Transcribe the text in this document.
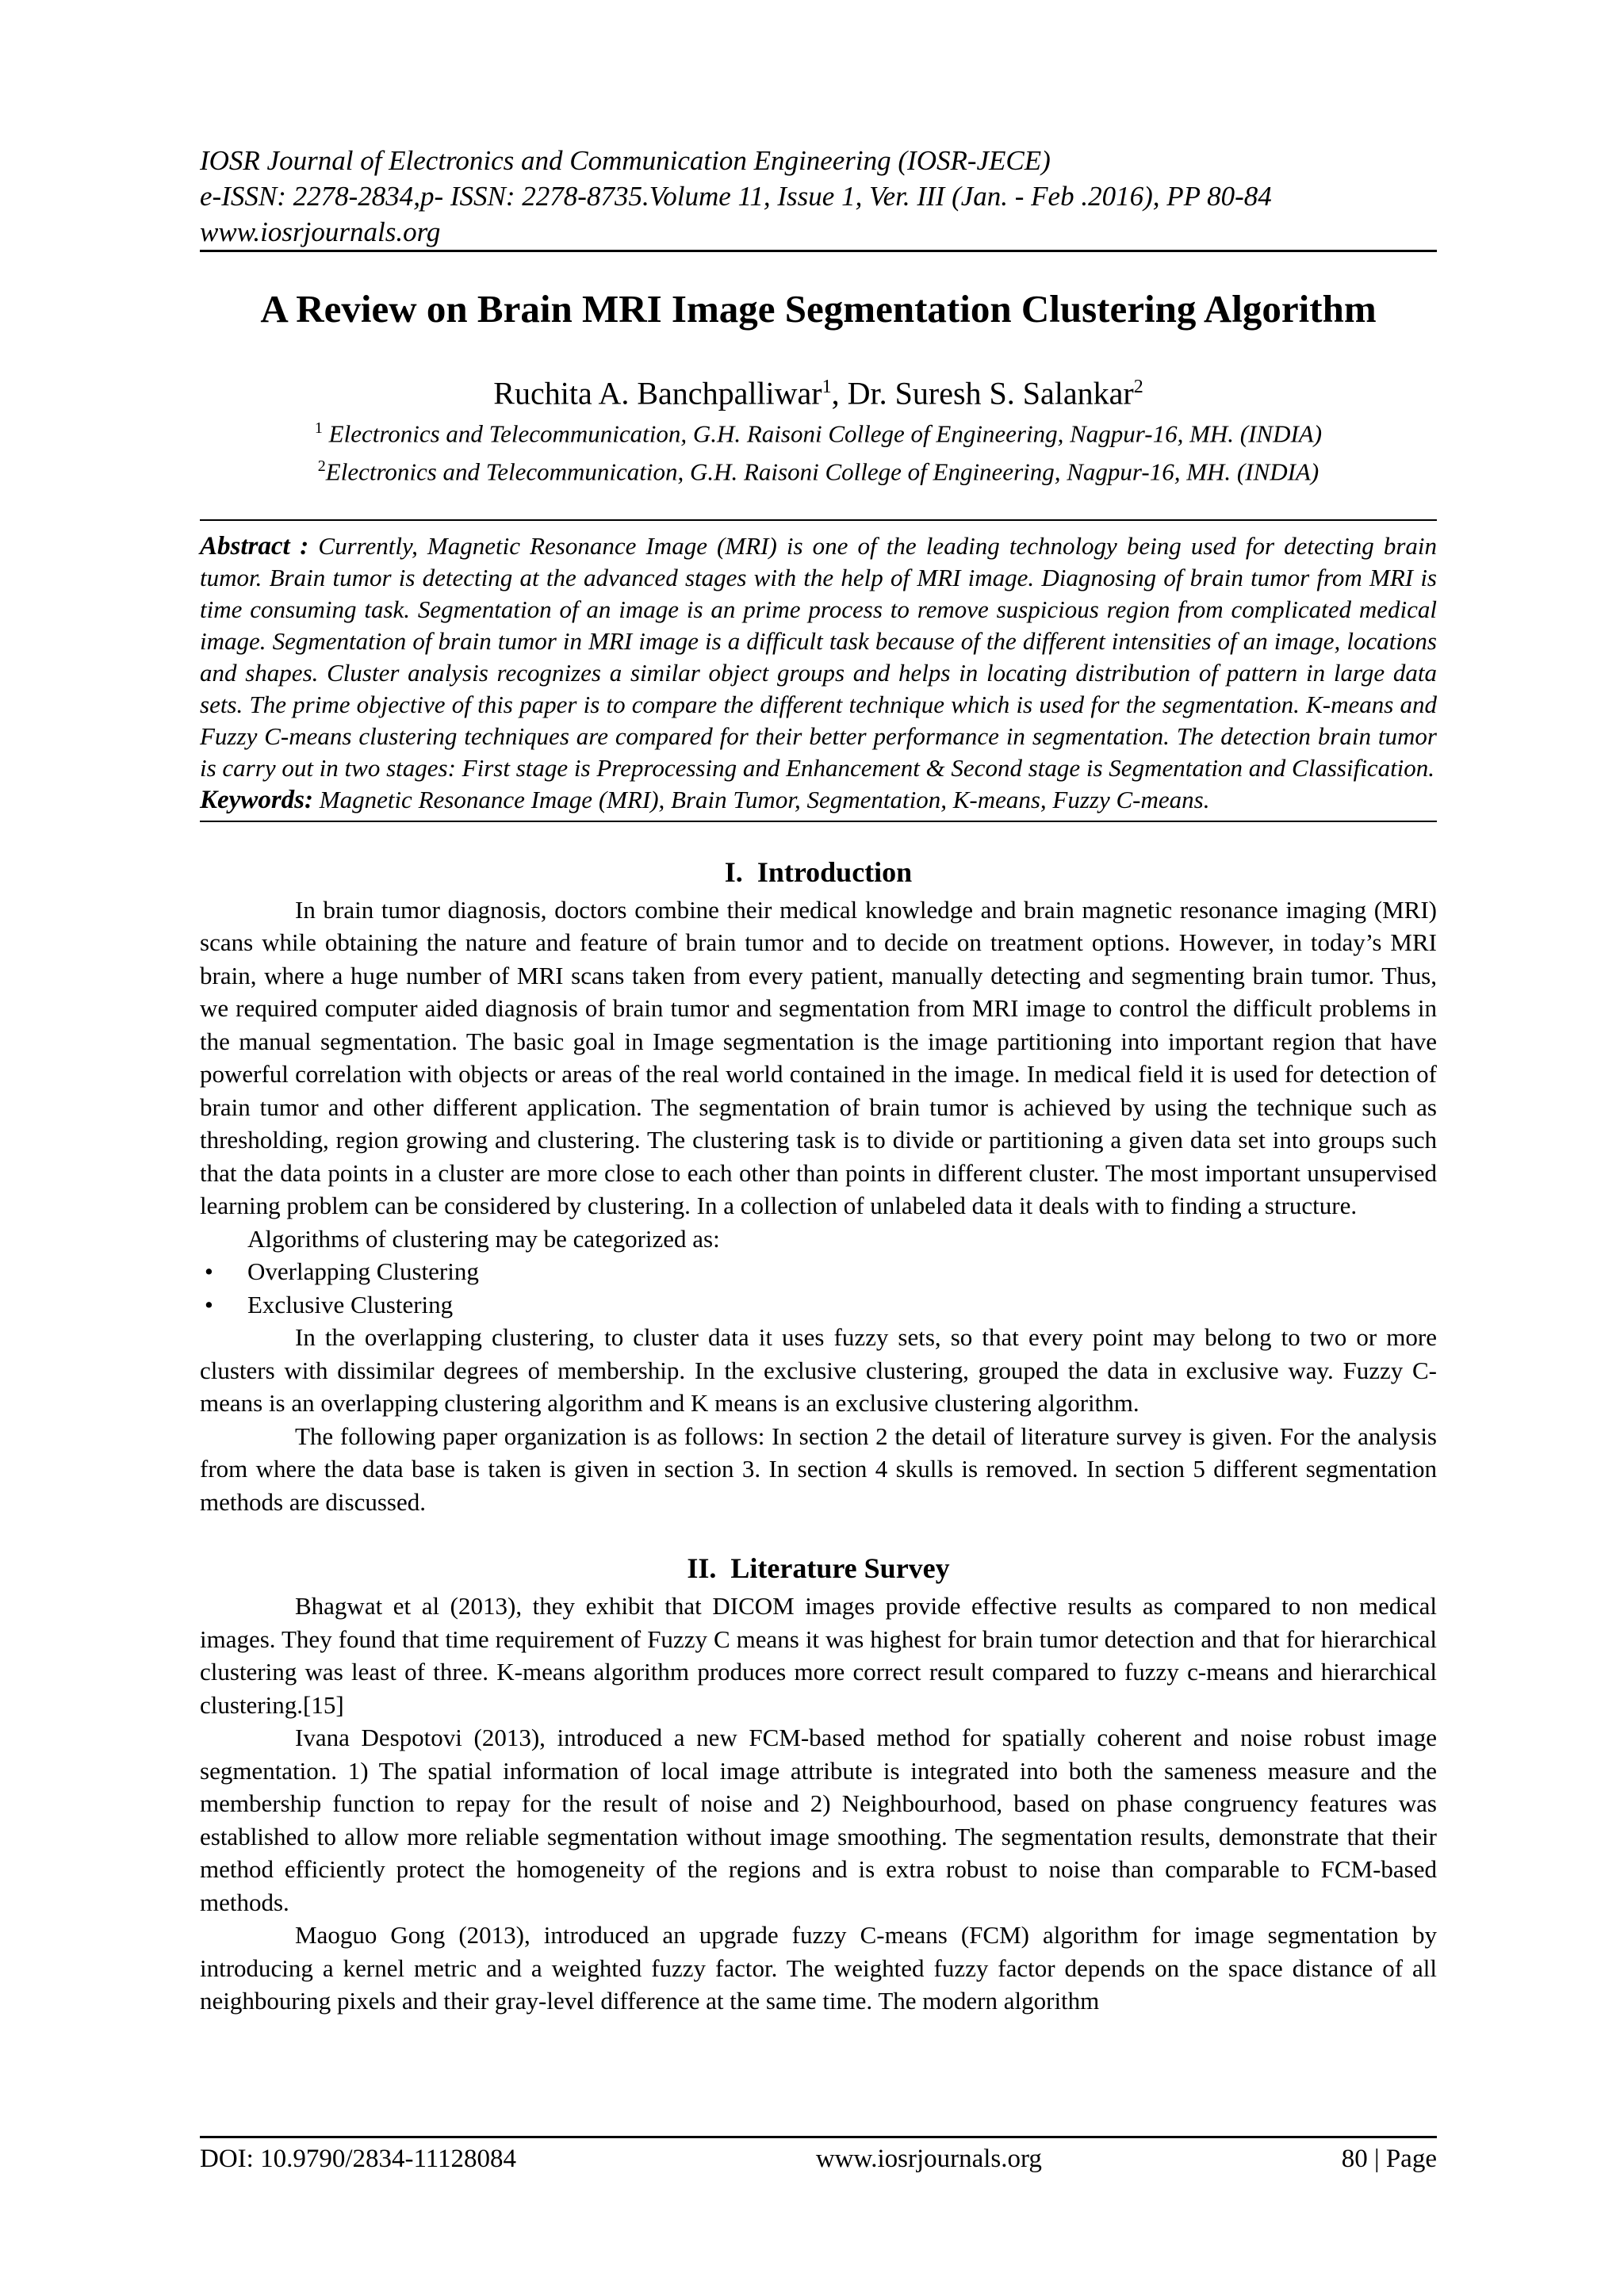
IOSR Journal of Electronics and Communication Engineering (IOSR-JECE)
e-ISSN: 2278-2834,p- ISSN: 2278-8735.Volume 11, Issue 1, Ver. III (Jan. - Feb .2016), PP 80-84
www.iosrjournals.org
A Review on Brain MRI Image Segmentation Clustering Algorithm
Ruchita A. Banchpalliwar$^1$, Dr. Suresh S. Salankar$^2$
$^1$ Electronics and Telecommunication, G.H. Raisoni College of Engineering, Nagpur-16, MH. (INDIA)
$^2$Electronics and Telecommunication, G.H. Raisoni College of Engineering, Nagpur-16, MH. (INDIA)
Abstract : Currently, Magnetic Resonance Image (MRI) is one of the leading technology being used for detecting brain tumor. Brain tumor is detecting at the advanced stages with the help of MRI image. Diagnosing of brain tumor from MRI is time consuming task. Segmentation of an image is an prime process to remove suspicious region from complicated medical image. Segmentation of brain tumor in MRI image is a difficult task because of the different intensities of an image, locations and shapes. Cluster analysis recognizes a similar object groups and helps in locating distribution of pattern in large data sets. The prime objective of this paper is to compare the different technique which is used for the segmentation. K-means and Fuzzy C-means clustering techniques are compared for their better performance in segmentation. The detection brain tumor is carry out in two stages: First stage is Preprocessing and Enhancement & Second stage is Segmentation and Classification.
Keywords: Magnetic Resonance Image (MRI), Brain Tumor, Segmentation, K-means, Fuzzy C-means.
I. Introduction

In brain tumor diagnosis, doctors combine their medical knowledge and brain magnetic resonance imaging (MRI) scans while obtaining the nature and feature of brain tumor and to decide on treatment options. However, in today’s MRI brain, where a huge number of MRI scans taken from every patient, manually detecting and segmenting brain tumor. Thus, we required computer aided diagnosis of brain tumor and segmentation from MRI image to control the difficult problems in the manual segmentation. The basic goal in Image segmentation is the image partitioning into important region that have powerful correlation with objects or areas of the real world contained in the image. In medical field it is used for detection of brain tumor and other different application. The segmentation of brain tumor is achieved by using the technique such as thresholding, region growing and clustering. The clustering task is to divide or partitioning a given data set into groups such that the data points in a cluster are more close to each other than points in different cluster. The most important unsupervised learning problem can be considered by clustering. In a collection of unlabeled data it deals with to finding a structure.

Algorithms of clustering may be categorized as:

• Overlapping Clustering
• Exclusive Clustering

In the overlapping clustering, to cluster data it uses fuzzy sets, so that every point may belong to two or more clusters with dissimilar degrees of membership. In the exclusive clustering, grouped the data in exclusive way. Fuzzy C-means is an overlapping clustering algorithm and K means is an exclusive clustering algorithm.

The following paper organization is as follows: In section 2 the detail of literature survey is given. For the analysis from where the data base is taken is given in section 3. In section 4 skulls is removed. In section 5 different segmentation methods are discussed.

II. Literature Survey

Bhagwat et al (2013), they exhibit that DICOM images provide effective results as compared to non medical images. They found that time requirement of Fuzzy C means it was highest for brain tumor detection and that for hierarchical clustering was least of three. K-means algorithm produces more correct result compared to fuzzy c-means and hierarchical clustering.[15]

Ivana Despotovi (2013), introduced a new FCM-based method for spatially coherent and noise robust image segmentation. 1) The spatial information of local image attribute is integrated into both the sameness measure and the membership function to repay for the result of noise and 2) Neighbourhood, based on phase congruency features was established to allow more reliable segmentation without image smoothing. The segmentation results, demonstrate that their method efficiently protect the homogeneity of the regions and is extra robust to noise than comparable to FCM-based methods.

Maoguo Gong (2013), introduced an upgrade fuzzy C-means (FCM) algorithm for image segmentation by introducing a kernel metric and a weighted fuzzy factor. The weighted fuzzy factor depends on the space distance of all neighbouring pixels and their gray-level difference at the same time. The modern algorithm

DOI: 10.9790/2834-11128084	www.iosrjournals.org	80 | Page
